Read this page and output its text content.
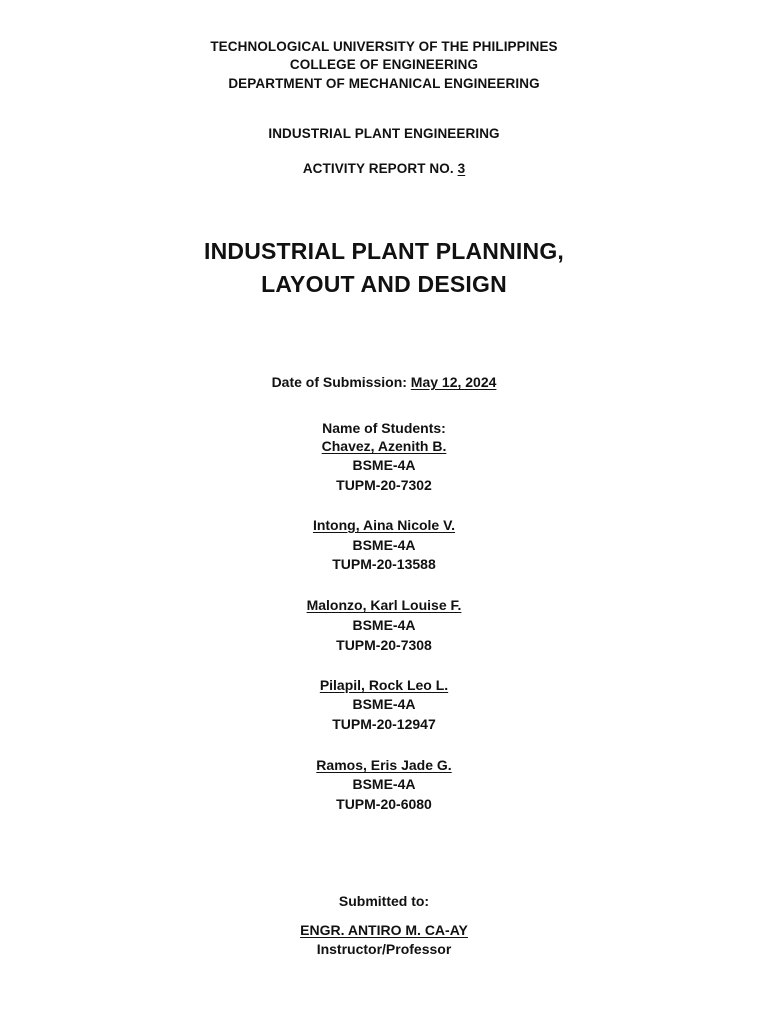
TECHNOLOGICAL UNIVERSITY OF THE PHILIPPINES
COLLEGE OF ENGINEERING
DEPARTMENT OF MECHANICAL ENGINEERING
INDUSTRIAL PLANT ENGINEERING
ACTIVITY REPORT NO. 3
INDUSTRIAL PLANT PLANNING,
LAYOUT AND DESIGN
Date of Submission: May 12, 2024
Name of Students:
Chavez, Azenith B.
BSME-4A
TUPM-20-7302
Intong, Aina Nicole V.
BSME-4A
TUPM-20-13588
Malonzo, Karl Louise F.
BSME-4A
TUPM-20-7308
Pilapil, Rock Leo L.
BSME-4A
TUPM-20-12947
Ramos, Eris Jade G.
BSME-4A
TUPM-20-6080
Submitted to:
ENGR. ANTIRO M. CA-AY
Instructor/Professor
